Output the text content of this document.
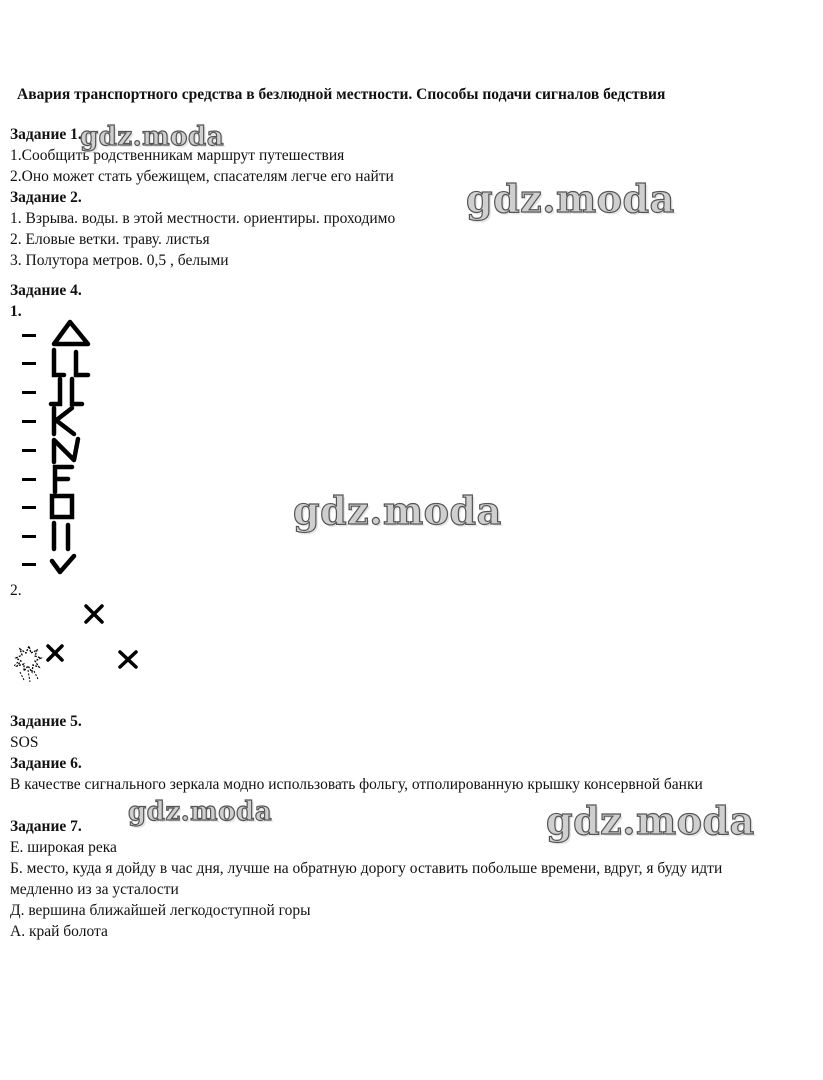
Авария транспортного средства в безлюдной местности. Способы подачи сигналов бедствия
Задание 1.
1.Сообщить родственникам маршрут путешествия
2.Оно может стать убежищем, спасателям легче его найти
Задание 2.
1. Взрыва. воды. в этой местности. ориентиры. проходимо
2. Еловые ветки. траву. листья
3. Полутора метров. 0,5 , белыми
Задание 4.
1.
2.
Задание 5.
SOS
Задание 6.
В качестве сигнального зеркала модно использовать фольгу, отполированную крышку консервной банки
Задание 7.
Е. широкая река
Б. место, куда я дойду в час дня, лучше на обратную дорогу оставить побольше времени, вдруг, я буду идти медленно из за усталости
Д. вершина ближайшей легкодоступной горы
А. край болота
gdz.moda
gdz.moda
gdz.moda
gdz.moda	gdz.moda
